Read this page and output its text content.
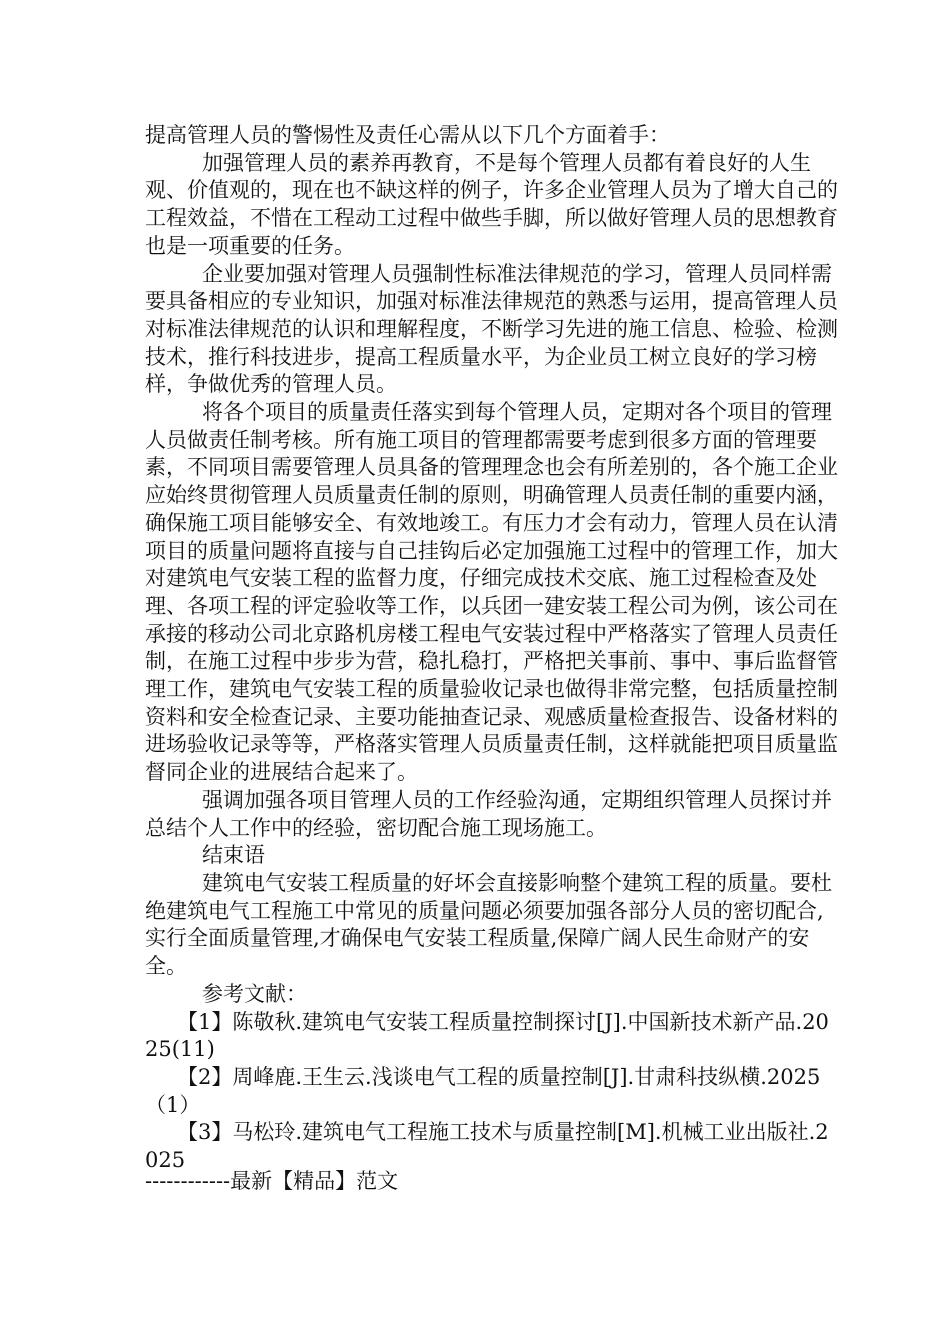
提高管理人员的警惕性及责任心需从以下几个方面着手：

加强管理人员的素养再教育，不是每个管理人员都有着良好的人生观、价值观的，现在也不缺这样的例子，许多企业管理人员为了增大自己的工程效益，不惜在工程动工过程中做些手脚，所以做好管理人员的思想教育也是一项重要的任务。

企业要加强对管理人员强制性标准法律规范的学习，管理人员同样需要具备相应的专业知识，加强对标准法律规范的熟悉与运用，提高管理人员对标准法律规范的认识和理解程度，不断学习先进的施工信息、检验、检测技术，推行科技进步，提高工程质量水平，为企业员工树立良好的学习榜样，争做优秀的管理人员。

将各个项目的质量责任落实到每个管理人员，定期对各个项目的管理人员做责任制考核。所有施工项目的管理都需要考虑到很多方面的管理要素，不同项目需要管理人员具备的管理理念也会有所差别的，各个施工企业应始终贯彻管理人员质量责任制的原则，明确管理人员责任制的重要内涵，确保施工项目能够安全、有效地竣工。有压力才会有动力，管理人员在认清项目的质量问题将直接与自己挂钩后必定加强施工过程中的管理工作，加大对建筑电气安装工程的监督力度，仔细完成技术交底、施工过程检查及处理、各项工程的评定验收等工作，以兵团一建安装工程公司为例，该公司在承接的移动公司北京路机房楼工程电气安装过程中严格落实了管理人员责任制，在施工过程中步步为营，稳扎稳打，严格把关事前、事中、事后监督管理工作，建筑电气安装工程的质量验收记录也做得非常完整，包括质量控制资料和安全检查记录、主要功能抽查记录、观感质量检查报告、设备材料的进场验收记录等等，严格落实管理人员质量责任制，这样就能把项目质量监督同企业的进展结合起来了。

强调加强各项目管理人员的工作经验沟通，定期组织管理人员探讨并总结个人工作中的经验，密切配合施工现场施工。

结束语

建筑电气安装工程质量的好坏会直接影响整个建筑工程的质量。要杜绝建筑电气工程施工中常见的质量问题必须要加强各部分人员的密切配合,实行全面质量管理,才确保电气安装工程质量,保障广阔人民生命财产的安全。

参考文献：

【1】陈敬秋.建筑电气安装工程质量控制探讨[J].中国新技术新产品.2025(11)

【2】周峰鹿.王生云.浅谈电气工程的质量控制[J].甘肃科技纵横.2025（1）

【3】马松玲.建筑电气工程施工技术与质量控制[M].机械工业出版社.2025

------------最新【精品】范文
